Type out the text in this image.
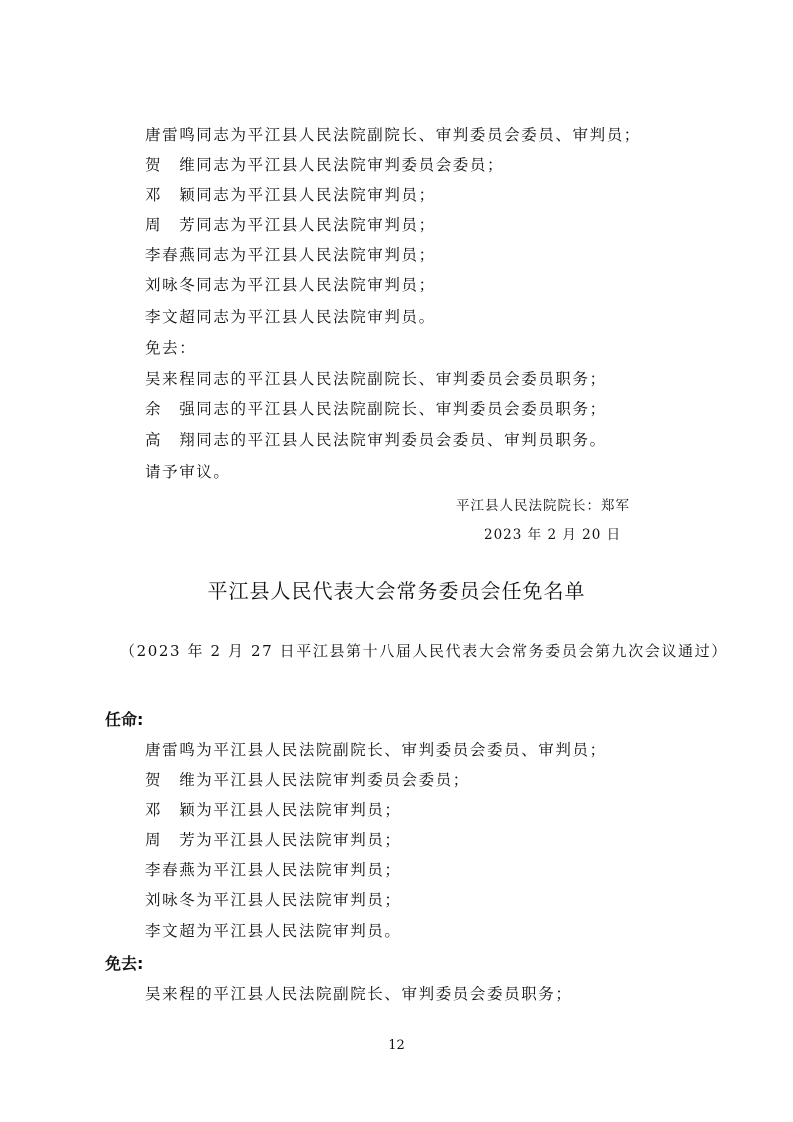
唐雷鸣同志为平江县人民法院副院长、审判委员会委员、审判员；
贺　维同志为平江县人民法院审判委员会委员；
邓　颖同志为平江县人民法院审判员；
周　芳同志为平江县人民法院审判员；
李春燕同志为平江县人民法院审判员；
刘咏冬同志为平江县人民法院审判员；
李文超同志为平江县人民法院审判员。
免去：
吴来程同志的平江县人民法院副院长、审判委员会委员职务；
余　强同志的平江县人民法院副院长、审判委员会委员职务；
高　翔同志的平江县人民法院审判委员会委员、审判员职务。
请予审议。
平江县人民法院院长：郑军
2023 年 2 月 20 日
平江县人民代表大会常务委员会任免名单
（2023 年 2 月 27 日平江县第十八届人民代表大会常务委员会第九次会议通过）
任命:
唐雷鸣为平江县人民法院副院长、审判委员会委员、审判员；
贺　维为平江县人民法院审判委员会委员；
邓　颖为平江县人民法院审判员；
周　芳为平江县人民法院审判员；
李春燕为平江县人民法院审判员；
刘咏冬为平江县人民法院审判员；
李文超为平江县人民法院审判员。
免去:
吴来程的平江县人民法院副院长、审判委员会委员职务；
12
